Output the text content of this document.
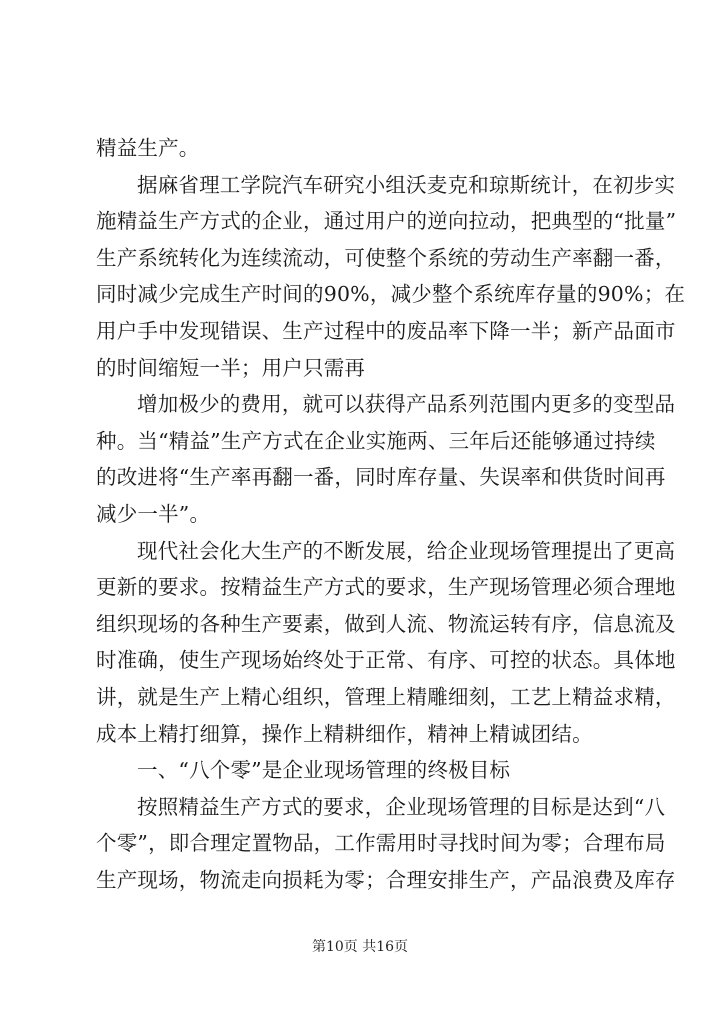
精益生产。
据麻省理工学院汽车研究小组沃麦克和琼斯统计，在初步实
施精益生产方式的企业，通过用户的逆向拉动，把典型的“批量”
生产系统转化为连续流动，可使整个系统的劳动生产率翻一番，
同时减少完成生产时间的90%，减少整个系统库存量的90%；在
用户手中发现错误、生产过程中的废品率下降一半；新产品面市
的时间缩短一半；用户只需再
增加极少的费用，就可以获得产品系列范围内更多的变型品
种。当“精益”生产方式在企业实施两、三年后还能够通过持续
的改进将“生产率再翻一番，同时库存量、失误率和供货时间再
减少一半”。
现代社会化大生产的不断发展，给企业现场管理提出了更高
更新的要求。按精益生产方式的要求，生产现场管理必须合理地
组织现场的各种生产要素，做到人流、物流运转有序，信息流及
时准确，使生产现场始终处于正常、有序、可控的状态。具体地
讲，就是生产上精心组织，管理上精雕细刻，工艺上精益求精，
成本上精打细算，操作上精耕细作，精神上精诚团结。
一、“八个零”是企业现场管理的终极目标
按照精益生产方式的要求，企业现场管理的目标是达到“八
个零”，即合理定置物品，工作需用时寻找时间为零；合理布局
生产现场，物流走向损耗为零；合理安排生产，产品浪费及库存
第10页 共16页
